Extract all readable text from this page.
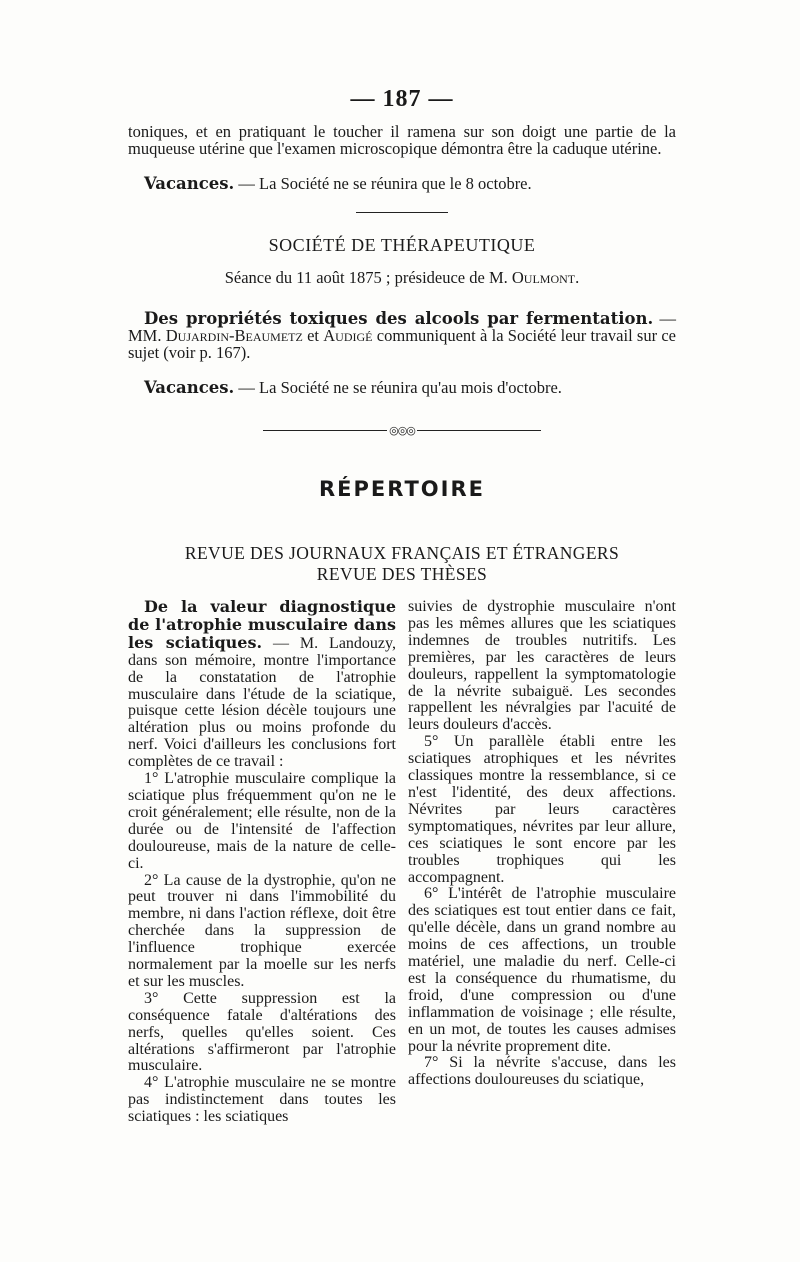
— 187 —

toniques, et en pratiquant le toucher il ramena sur son doigt une partie de la muqueuse utérine que l'examen microscopique démontra être la caduque utérine.

Vacances. — La Société ne se réunira que le 8 octobre.

SOCIÉTÉ DE THÉRAPEUTIQUE
Séance du 11 août 1875 ; présideuce de M. Oulmont.

Des propriétés toxiques des alcools par fermentation. — MM. Dujardin-Beaumetz et Audigé communiquent à la Société leur travail sur ce sujet (voir p. 167).

Vacances. — La Société ne se réunira qu'au mois d'octobre.

◎◎◎
RÉPERTOIRE
REVUE DES JOURNAUX FRANÇAIS ET ÉTRANGERS
REVUE DES THÈSES

De la valeur diagnostique de l'atrophie musculaire dans les sciatiques. — M. Landouzy, dans son mémoire, montre l'importance de la constatation de l'atrophie musculaire dans l'étude de la sciatique, puisque cette lésion décèle toujours une altération plus ou moins profonde du nerf. Voici d'ailleurs les conclusions fort complètes de ce travail :

1° L'atrophie musculaire complique la sciatique plus fréquemment qu'on ne le croit généralement; elle résulte, non de la durée ou de l'intensité de l'affection douloureuse, mais de la nature de celle-ci.

2° La cause de la dystrophie, qu'on ne peut trouver ni dans l'immobilité du membre, ni dans l'action réflexe, doit être cherchée dans la suppression de l'influence trophique exercée normalement par la moelle sur les nerfs et sur les muscles.

3° Cette suppression est la conséquence fatale d'altérations des nerfs, quelles qu'elles soient. Ces altérations s'affirmeront par l'atrophie musculaire.

4° L'atrophie musculaire ne se montre pas indistinctement dans toutes les sciatiques : les sciatiques

suivies de dystrophie musculaire n'ont pas les mêmes allures que les sciatiques indemnes de troubles nutritifs. Les premières, par les caractères de leurs douleurs, rappellent la symptomatologie de la névrite subaiguë. Les secondes rappellent les névralgies par l'acuité de leurs douleurs d'accès.

5° Un parallèle établi entre les sciatiques atrophiques et les névrites classiques montre la ressemblance, si ce n'est l'identité, des deux affections. Névrites par leurs caractères symptomatiques, névrites par leur allure, ces sciatiques le sont encore par les troubles trophiques qui les accompagnent.

6° L'intérêt de l'atrophie musculaire des sciatiques est tout entier dans ce fait, qu'elle décèle, dans un grand nombre au moins de ces affections, un trouble matériel, une maladie du nerf. Celle-ci est la conséquence du rhumatisme, du froid, d'une compression ou d'une inflammation de voisinage ; elle résulte, en un mot, de toutes les causes admises pour la névrite proprement dite.

7° Si la névrite s'accuse, dans les affections douloureuses du sciatique,
